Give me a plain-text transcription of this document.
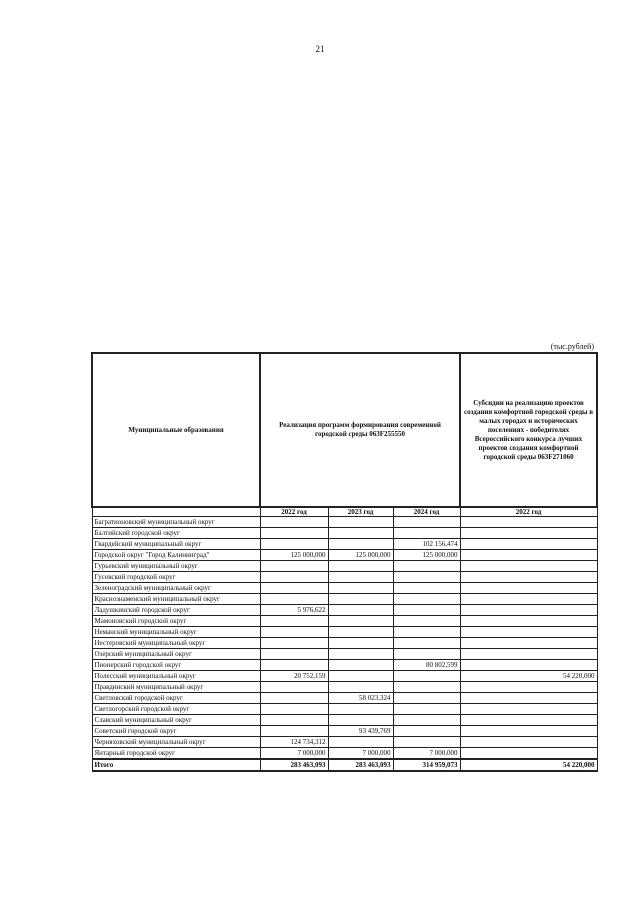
21
(тыс.рублей)
Муниципальные образования	Реализация программ формирования современной городской среды 063F255550			Субсидии на реализацию проектов создания комфортной городской среды в малых городах и исторических поселениях - победителях Всероссийского конкурса лучших проектов создания комфортной городской среды 063F271060
	2022 год	2023 год	2024 год	2022 год
Багратионовский муниципальный округ				
Балтийский городской округ				
Гвардейский муниципальный округ			102 156,474	
Городской округ "Город Калининград"	125 000,000	125 000,000	125 000,000	
Гурьевский муниципальный округ				
Гусевский городской округ				
Зеленоградский муниципальный округ				
Краснознаменский муниципальный округ				
Ладушкинский городской округ	5 976,622			
Мамоновский городской округ				
Неманский муниципальный округ				
Нестеровский муниципальный округ				
Озерский муниципальный округ				
Пионерский городской округ			80 802,599	
Полесский муниципальный округ	20 752,159			54 220,000
Правдинский муниципальный округ				
Светловский городской округ		58 023,324		
Светлогорский городской округ				
Славский муниципальный округ				
Советский городской округ		93 439,769		
Черняховский муниципальный округ	124 734,312			
Янтарный городской округ	7 000,000	7 000,000	7 000,000	
Итого	283 463,093	283 463,093	314 959,073	54 220,000
